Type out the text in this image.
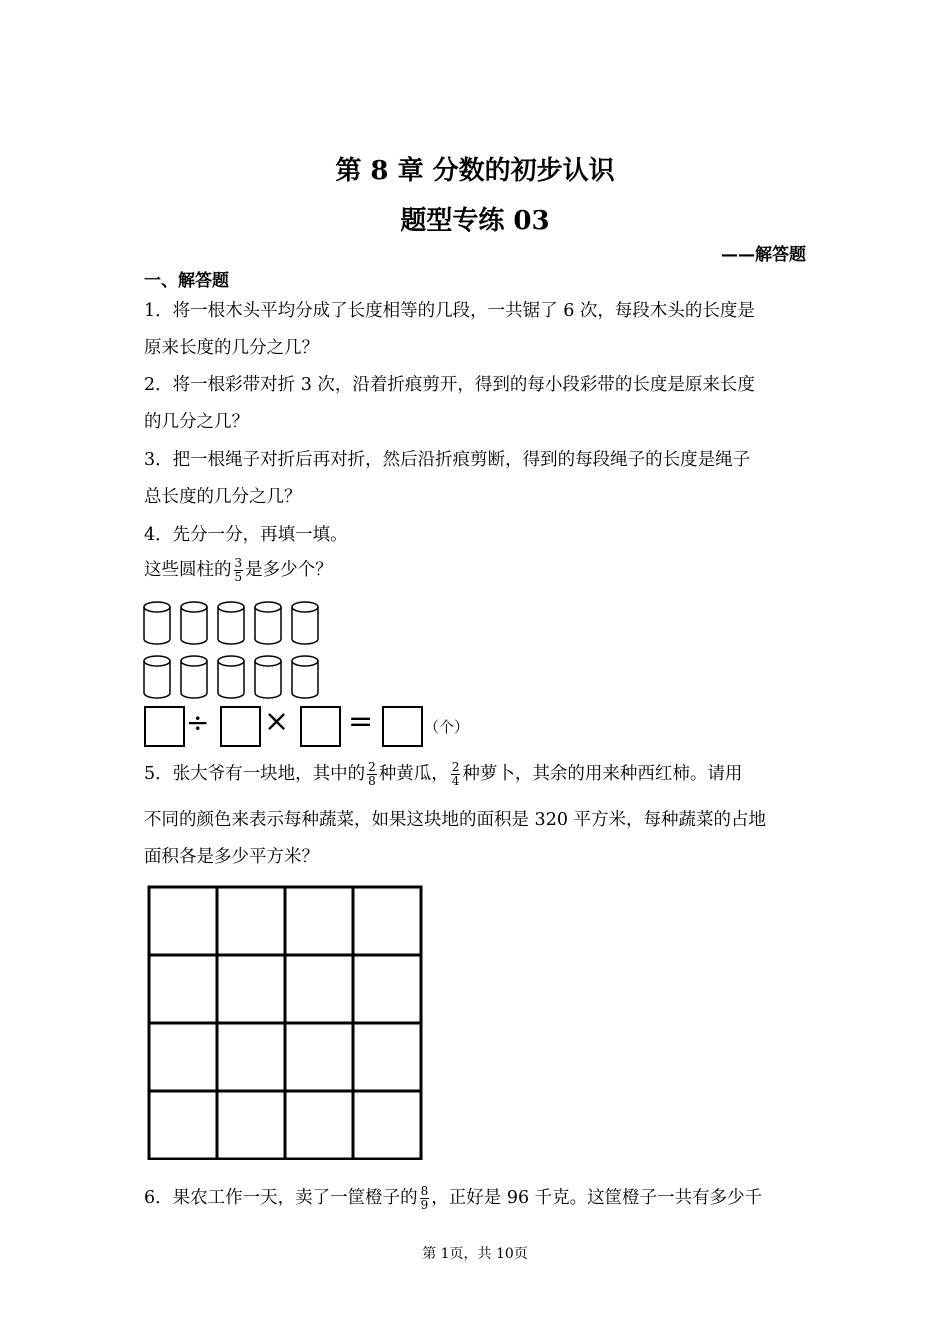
第 8 章 分数的初步认识
题型专练 03
——解答题
一、解答题
1．将一根木头平均分成了长度相等的几段，一共锯了 6 次，每段木头的长度是
原来长度的几分之几？
2．将一根彩带对折 3 次，沿着折痕剪开，得到的每小段彩带的长度是原来长度
的几分之几？
3．把一根绳子对折后再对折，然后沿折痕剪断，得到的每段绳子的长度是绳子
总长度的几分之几？
4．先分一分，再填一填。
这些圆柱的 $\frac{3}{5}$ 是多少个？
÷ × =	（个）
5．张大爷有一块地，其中的 $\frac{2}{8}$ 种黄瓜， $\frac{2}{4}$ 种萝卜，其余的用来种西红柿。请用
不同的颜色来表示每种蔬菜，如果这块地的面积是 320 平方米，每种蔬菜的占地
面积各是多少平方米？
6．果农工作一天，卖了一筐橙子的 $\frac{8}{9}$ ，正好是 96 千克。这筐橙子一共有多少千
第 1页，共 10页
